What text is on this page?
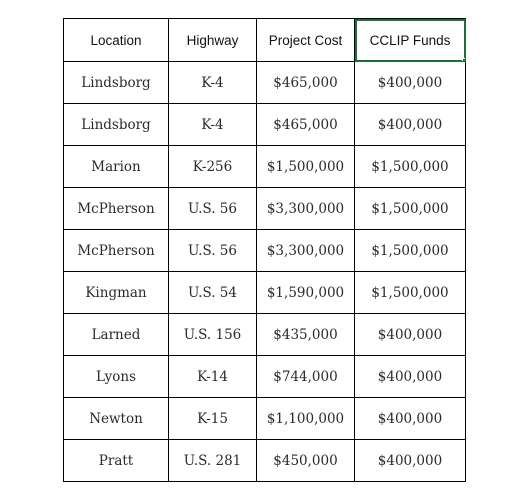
Location	Highway	Project Cost	CCLIP Funds

Lindsborg	K-4	$465,000	$400,000
Lindsborg	K-4	$465,000	$400,000
Marion	K-256	$1,500,000	$1,500,000
McPherson	U.S. 56	$3,300,000	$1,500,000
McPherson	U.S. 56	$3,300,000	$1,500,000
Kingman	U.S. 54	$1,590,000	$1,500,000
Larned	U.S. 156	$435,000	$400,000
Lyons	K-14	$744,000	$400,000
Newton	K-15	$1,100,000	$400,000
Pratt	U.S. 281	$450,000	$400,000
